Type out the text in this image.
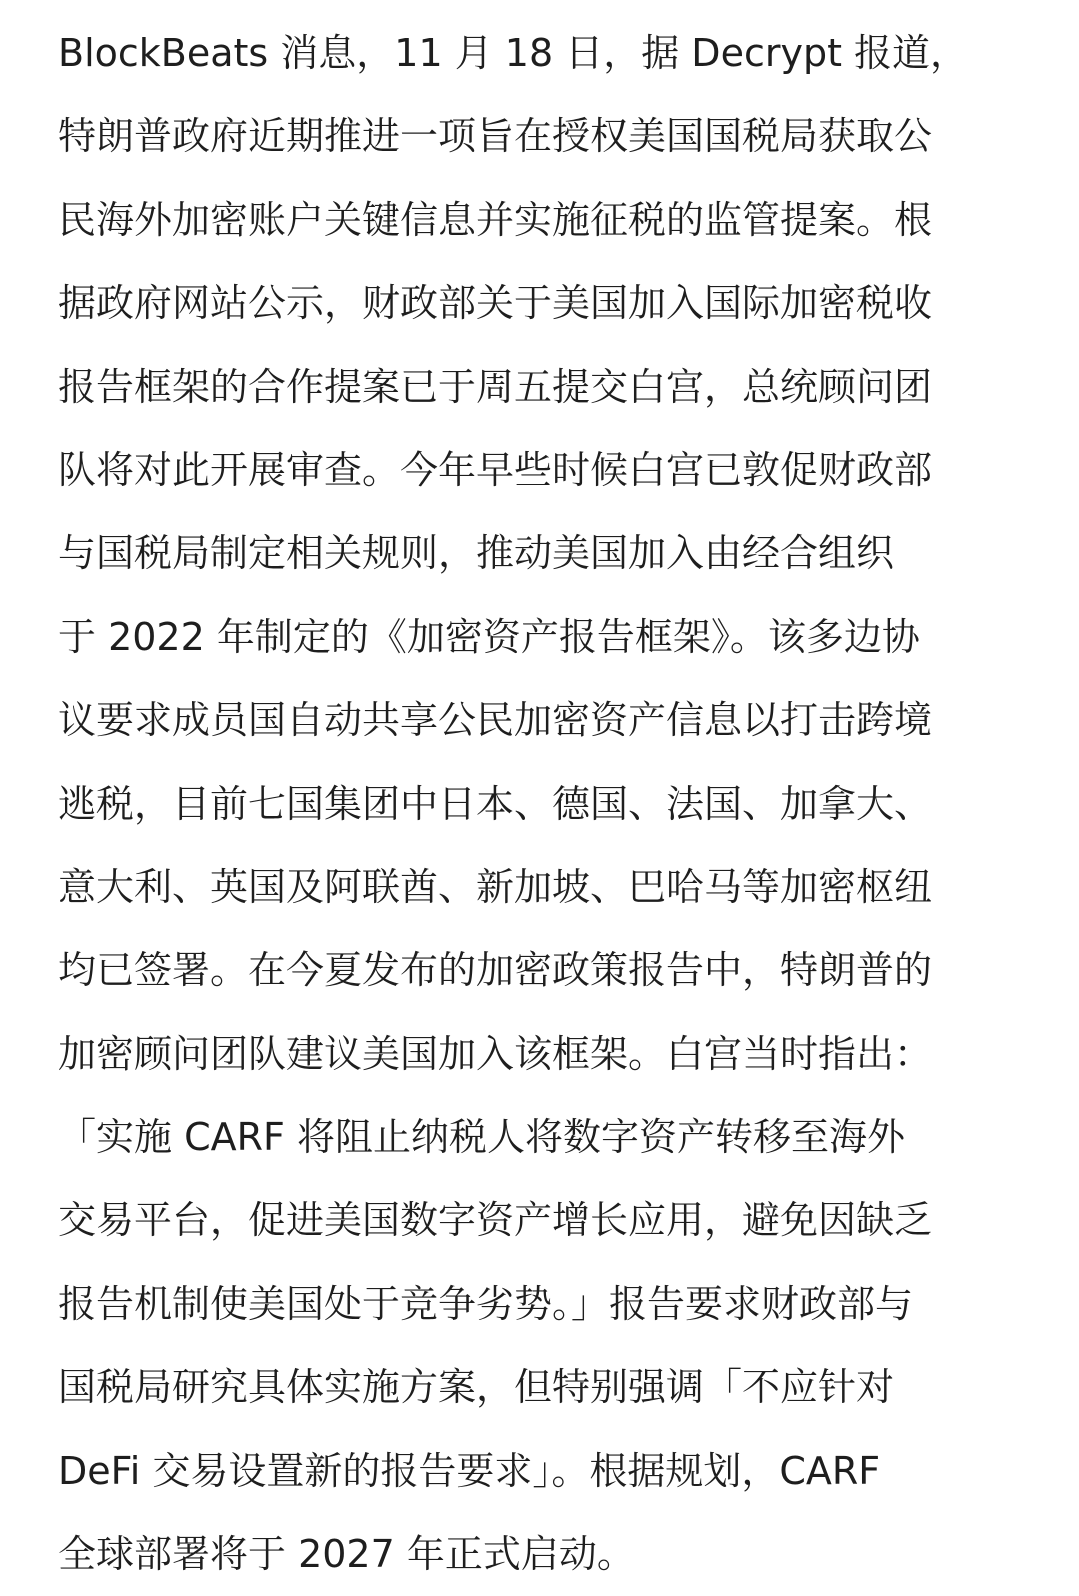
BlockBeats 消息，11 月 18 日，据 Decrypt 报道，
特朗普政府近期推进一项旨在授权美国国税局获取公
民海外加密账户关键信息并实施征税的监管提案。根
据政府网站公示，财政部关于美国加入国际加密税收
报告框架的合作提案已于周五提交白宫，总统顾问团
队将对此开展审查。今年早些时候白宫已敦促财政部
与国税局制定相关规则，推动美国加入由经合组织
于 2022 年制定的《加密资产报告框架》。该多边协
议要求成员国自动共享公民加密资产信息以打击跨境
逃税，目前七国集团中日本、德国、法国、加拿大、
意大利、英国及阿联酋、新加坡、巴哈马等加密枢纽
均已签署。在今夏发布的加密政策报告中，特朗普的
加密顾问团队建议美国加入该框架。白宫当时指出：
「实施 CARF 将阻止纳税人将数字资产转移至海外
交易平台，促进美国数字资产增长应用，避免因缺乏
报告机制使美国处于竞争劣势。」报告要求财政部与
国税局研究具体实施方案，但特别强调「不应针对
DeFi 交易设置新的报告要求」。根据规划，CARF
全球部署将于 2027 年正式启动。
